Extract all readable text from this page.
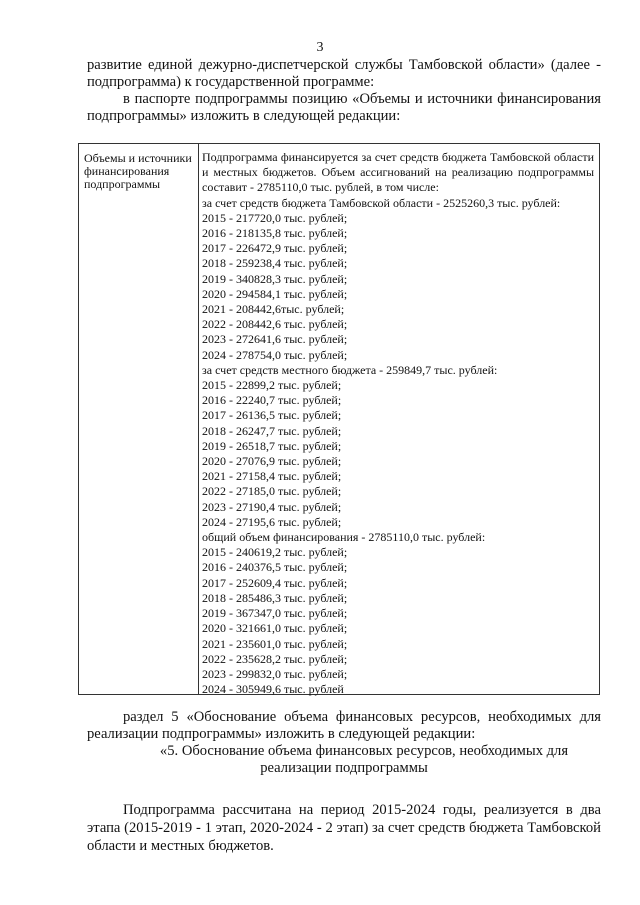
3
развитие единой дежурно-диспетчерской службы Тамбовской области» (далее - подпрограмма) к государственной программе:
в паспорте подпрограммы позицию «Объемы и источники финансирования подпрограммы» изложить в следующей редакции:
Объемы и источники финансирования подпрограммы
Подпрограмма финансируется за счет средств бюджета Тамбовской области и местных бюджетов. Объем ассигнований на реализацию подпрограммы составит - 2785110,0 тыс. рублей, в том числе:
за счет средств бюджета Тамбовской области - 2525260,3 тыс. рублей:
2015 - 217720,0 тыс. рублей;
2016 - 218135,8 тыс. рублей;
2017 - 226472,9 тыс. рублей;
2018 - 259238,4 тыс. рублей;
2019 - 340828,3 тыс. рублей;
2020 - 294584,1 тыс. рублей;
2021 - 208442,6тыс. рублей;
2022 - 208442,6 тыс. рублей;
2023 - 272641,6 тыс. рублей;
2024 - 278754,0 тыс. рублей;
за счет средств местного бюджета - 259849,7 тыс. рублей:
2015 - 22899,2 тыс. рублей;
2016 - 22240,7 тыс. рублей;
2017 - 26136,5 тыс. рублей;
2018 - 26247,7 тыс. рублей;
2019 - 26518,7 тыс. рублей;
2020 - 27076,9 тыс. рублей;
2021 - 27158,4 тыс. рублей;
2022 - 27185,0 тыс. рублей;
2023 - 27190,4 тыс. рублей;
2024 - 27195,6 тыс. рублей;
общий объем финансирования - 2785110,0 тыс. рублей:
2015 - 240619,2 тыс. рублей;
2016 - 240376,5 тыс. рублей;
2017 - 252609,4 тыс. рублей;
2018 - 285486,3 тыс. рублей;
2019 - 367347,0 тыс. рублей;
2020 - 321661,0 тыс. рублей;
2021 - 235601,0 тыс. рублей;
2022 - 235628,2 тыс. рублей;
2023 - 299832,0 тыс. рублей;
2024 - 305949,6 тыс. рублей
раздел 5 «Обоснование объема финансовых ресурсов, необходимых для реализации подпрограммы» изложить в следующей редакции:
«5. Обоснование объема финансовых ресурсов, необходимых для
реализации подпрограммы
Подпрограмма рассчитана на период 2015-2024 годы, реализуется в два этапа (2015-2019 - 1 этап, 2020-2024 - 2 этап) за счет средств бюджета Тамбовской области и местных бюджетов.
